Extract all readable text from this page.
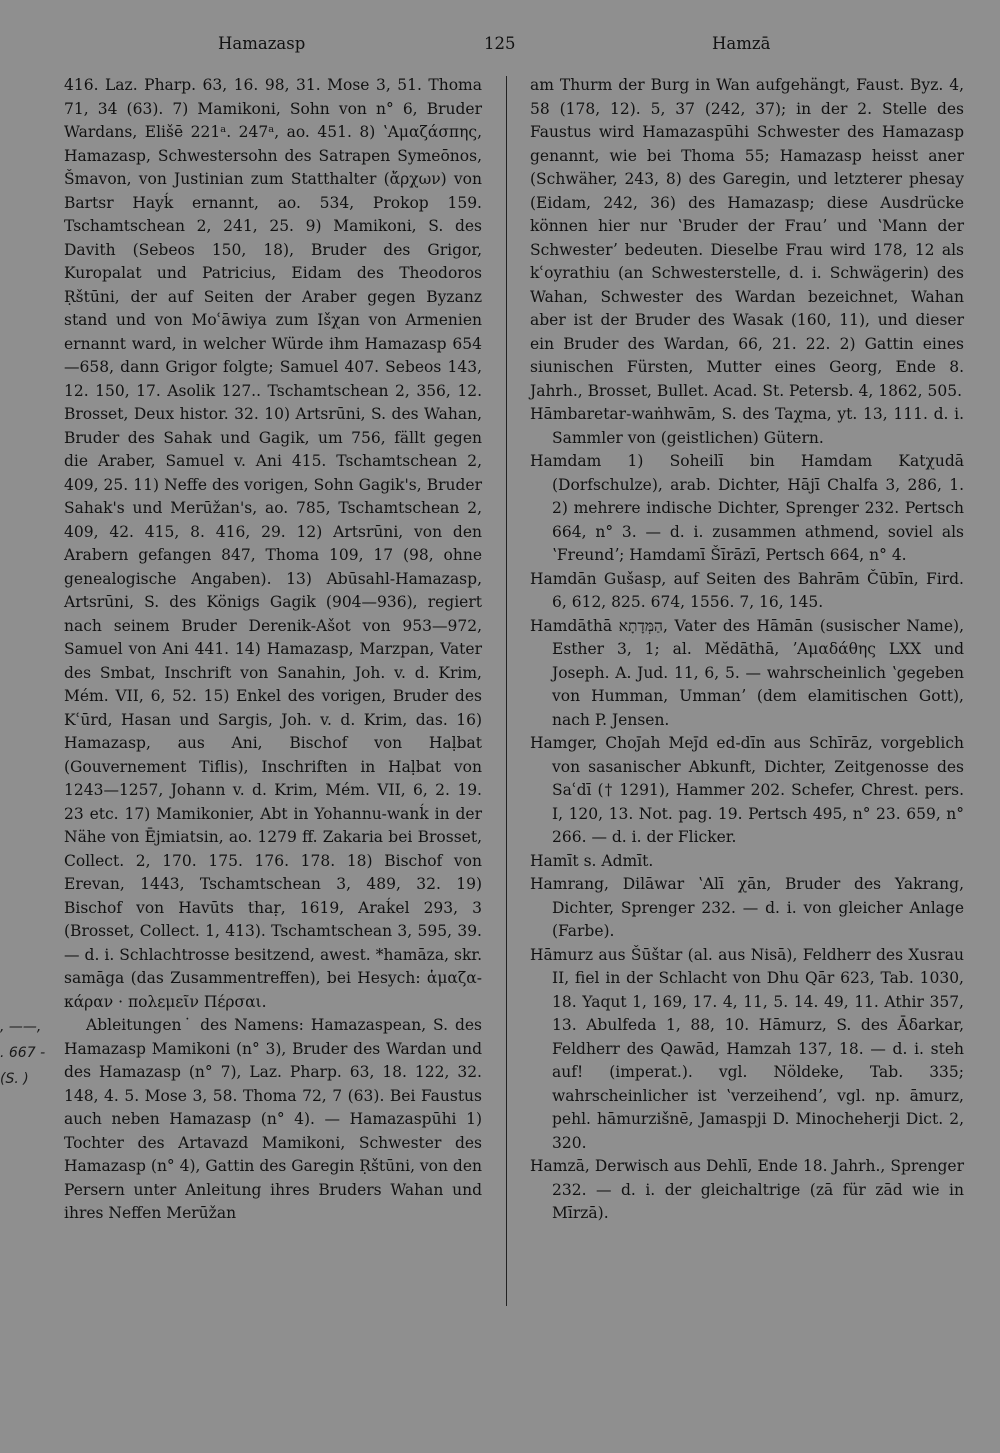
Hamazasp	125	Hamzā
‚ ——,
. 667 -
(S. )

416. Laz. Pharp. 63, 16. 98, 31. Mose 3, 51. Thoma 71, 34 (63). 7) Mamikoni, Sohn von n° 6, Bruder Wardans, Elišē 221ᵃ. 247ᵃ, ao. 451. 8) ʽΑμαζάσπης, Hamazasp, Schwestersohn des Satrapen Symeōnos, Šmavon, von Justinian zum Statthalter (ἄρχων) von Bartsr Hayḱ ernannt, ao. 534, Prokop 159. Tschamtschean 2, 241, 25. 9) Mamikoni, S. des Davith (Sebeos 150, 18), Bruder des Grigor, Kuropalat und Patricius, Eidam des Theodoros Ṛštūni, der auf Seiten der Araber gegen Byzanz stand und von Moʿāwiya zum Išχan von Armenien ernannt ward, in welcher Würde ihm Hamazasp 654—658, dann Grigor folgte; Samuel 407. Sebeos 143, 12. 150, 17. Asolik 127.. Tschamtschean 2, 356, 12. Brosset, Deux histor. 32. 10) Artsrūni, S. des Wahan, Bruder des Sahak und Gagik, um 756, fällt gegen die Araber, Samuel v. Ani 415. Tschamtschean 2, 409, 25. 11) Neffe des vorigen, Sohn Gagik's, Bruder Sahak's und Merūžan's, ao. 785, Tschamtschean 2, 409, 42. 415, 8. 416, 29. 12) Artsrūni, von den Arabern gefangen 847, Thoma 109, 17 (98, ohne genealogische Angaben). 13) Abūsahl-Hamazasp, Artsrūni, S. des Königs Gagik (904—936), regiert nach seinem Bruder Derenik-Ašot von 953—972, Samuel von Ani 441. 14) Hamazasp, Marzpan, Vater des Smbat, Inschrift von Sanahin, Joh. v. d. Krim, Mém. VII, 6, 52. 15) Enkel des vorigen, Bruder des Kʿūrd, Hasan und Sargis, Joh. v. d. Krim, das. 16) Hamazasp, aus Ani, Bischof von Haḷbat (Gouvernement Tiflis), Inschriften in Haḷbat von 1243—1257, Johann v. d. Krim, Mém. VII, 6, 2. 19. 23 etc. 17) Mamikonier, Abt in Yohannu-wanḱ in der Nähe von Ējmiatsin, ao. 1279 ff. Zakaria bei Brosset, Collect. 2, 170. 175. 176. 178. 18) Bischof von Erevan, 1443, Tschamtschean 3, 489, 32. 19) Bischof von Havūts thaṛ, 1619, Araḱel 293, 3 (Brosset, Collect. 1, 413). Tschamtschean 3, 595, 39. — d. i. Schlachtrosse besitzend, awest. *hamāza, skr. samāga (das Zusammentreffen), bei Hesych: ἁμαζα-κάραν · πολεμεῖν Πέρσαι.

Ableitungen˙ des Namens: Hamazaspean, S. des Hamazasp Mamikoni (n° 3), Bruder des Wardan und des Hamazasp (n° 7), Laz. Pharp. 63, 18. 122, 32. 148, 4. 5. Mose 3, 58. Thoma 72, 7 (63). Bei Faustus auch neben Hamazasp (n° 4). — Hamazaspūhi 1) Tochter des Artavazd Mamikoni, Schwester des Hamazasp (n° 4), Gattin des Garegin Ṛštūni, von den Persern unter Anleitung ihres Bruders Wahan und ihres Neffen Merūžan

am Thurm der Burg in Wan aufgehängt, Faust. Byz. 4, 58 (178, 12). 5, 37 (242, 37); in der 2. Stelle des Faustus wird Hamazaspūhi Schwester des Hamazasp genannt, wie bei Thoma 55; Hamazasp heisst aner (Schwäher, 243, 8) des Garegin, und letzterer phesay (Eidam, 242, 36) des Hamazasp; diese Ausdrücke können hier nur ʽBruder der Frauʼ und ʽMann der Schwesterʼ bedeuten. Dieselbe Frau wird 178, 12 als kʿoyrathiu (an Schwesterstelle, d. i. Schwägerin) des Wahan, Schwester des Wardan bezeichnet, Wahan aber ist der Bruder des Wasak (160, 11), und dieser ein Bruder des Wardan, 66, 21. 22. 2) Gattin eines siunischen Fürsten, Mutter eines Georg, Ende 8. Jahrh., Brosset, Bullet. Acad. St. Petersb. 4, 1862, 505.

Hāmbaretar-waṅhwām, S. des Taχma, yt. 13, 111. d. i. Sammler von (geistlichen) Gütern.

Hamdam 1) Soheilī bin Hamdam Katχudā (Dorfschulze), arab. Dichter, Hājī Chalfa 3, 286, 1. 2) mehrere indische Dichter, Sprenger 232. Pertsch 664, n° 3. — d. i. zusammen athmend, soviel als ʽFreundʼ; Hamdamī Šīrāzī, Pertsch 664, n° 4.

Hamdān Gušasp, auf Seiten des Bahrām Čūbīn, Fird. 6, 612, 825. 674, 1556. 7, 16, 145.

Hamdāthā הַמְּדָתָא, Vater des Hāmān (susischer Name), Esther 3, 1; al. Mĕdāthā, ʼΑμαδάθης LXX und Joseph. A. Jud. 11, 6, 5. — wahrscheinlich ʽgegeben von Humman, Ummanʼ (dem elamitischen Gott), nach P. Jensen.

Hamger, Choj̄ah Mej̄d ed-dīn aus Schīrāz, vorgeblich von sasanischer Abkunft, Dichter, Zeitgenosse des Saʿdī († 1291), Hammer 202. Schefer, Chrest. pers. I, 120, 13. Not. pag. 19. Pertsch 495, n° 23. 659, n° 266. — d. i. der Flicker.

Hamīt s. Admīt.

Hamrang, Dilāwar ʽAlī χān, Bruder des Yakrang, Dichter, Sprenger 232. — d. i. von gleicher Anlage (Farbe).

Hāmurz aus Šūštar (al. aus Nisā), Feldherr des Xusrau II, fiel in der Schlacht von Dhu Qār 623, Tab. 1030, 18. Yaqut 1, 169, 17. 4, 11, 5. 14. 49, 11. Athir 357, 13. Abulfeda 1, 88, 10. Hāmurz, S. des Āδarkar, Feldherr des Qawād, Hamzah 137, 18. — d. i. steh auf! (imperat.). vgl. Nöldeke, Tab. 335; wahrscheinlicher ist ʽverzeihendʼ, vgl. np. āmurz, pehl. hāmurzišnē, Jamaspji D. Minocheherji Dict. 2, 320.

Hamzā, Derwisch aus Dehlī, Ende 18. Jahrh., Sprenger 232. — d. i. der gleichaltrige (zā für zād wie in Mīrzā).
